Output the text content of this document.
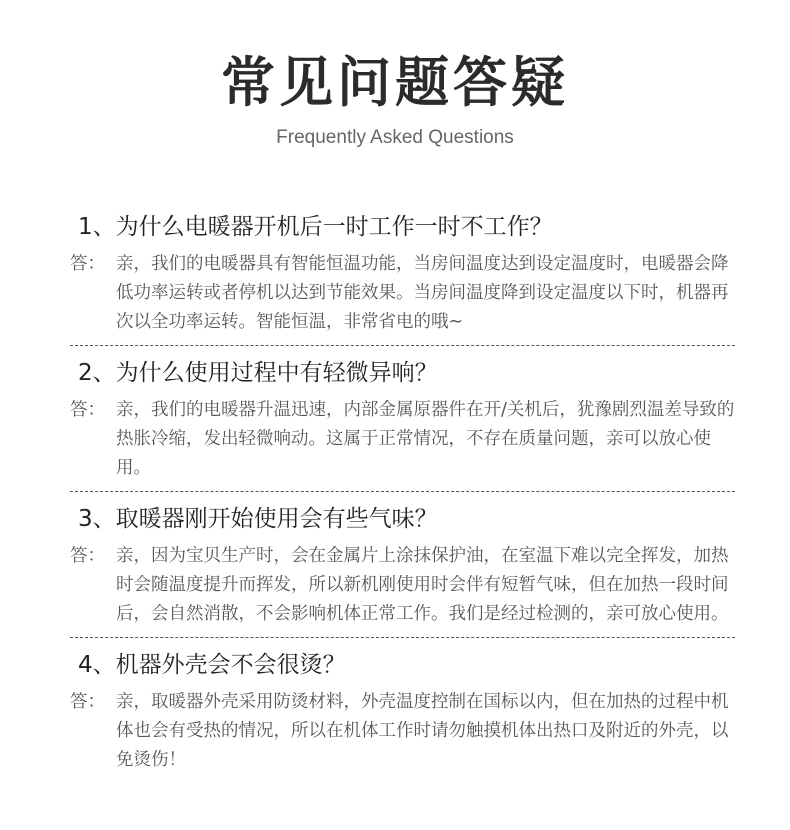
常见问题答疑
Frequently Asked Questions
1、 为什么电暖器开机后一时工作一时不工作？
答： 亲，我们的电暖器具有智能恒温功能，当房间温度达到设定温度时，电暖器会降低功率运转或者停机以达到节能效果。当房间温度降到设定温度以下时，机器再次以全功率运转。智能恒温，非常省电的哦~
2、 为什么使用过程中有轻微异响？
答： 亲，我们的电暖器升温迅速，内部金属原器件在开/关机后，犹豫剧烈温差导致的热胀冷缩，发出轻微响动。这属于正常情况，不存在质量问题，亲可以放心使用。
3、 取暖器刚开始使用会有些气味？
答： 亲，因为宝贝生产时，会在金属片上涂抹保护油，在室温下难以完全挥发，加热时会随温度提升而挥发，所以新机刚使用时会伴有短暂气味，但在加热一段时间后，会自然消散，不会影响机体正常工作。我们是经过检测的，亲可放心使用。
4、 机器外壳会不会很烫？
答： 亲，取暖器外壳采用防烫材料，外壳温度控制在国标以内，但在加热的过程中机体也会有受热的情况，所以在机体工作时请勿触摸机体出热口及附近的外壳，以免烫伤！
